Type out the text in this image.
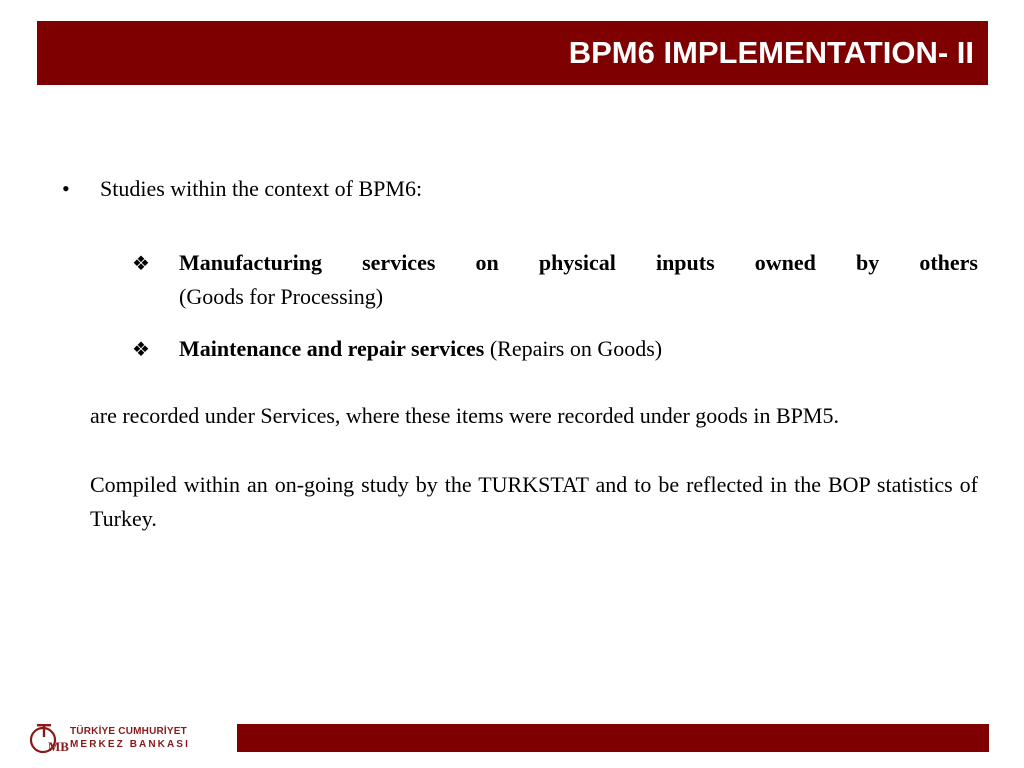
BPM6 IMPLEMENTATION- II
• Studies within the context of BPM6:
❖	Manufacturing services on physical inputs owned by others
(Goods for Processing)
❖	Maintenance and repair services (Repairs on Goods)
are recorded under Services, where these items were recorded under goods in BPM5.
Compiled within an on-going study by the TURKSTAT and to be reflected in the BOP statistics of Turkey.
MB
TÜRKİYE CUMHURİYET
MERKEZ BANKASI
